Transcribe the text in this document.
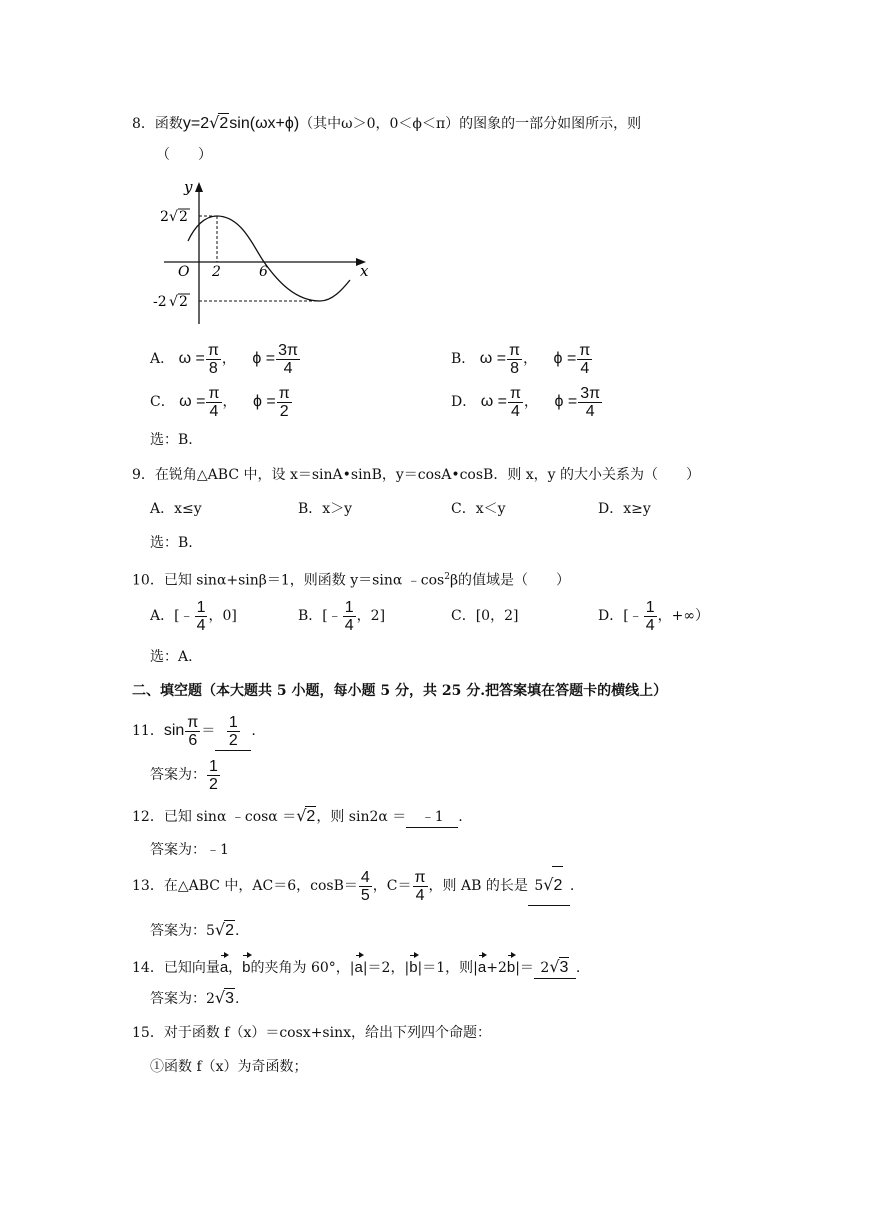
8．函数y=2√2sin(ωx+ϕ)（其中ω＞0，0＜ϕ＜π）的图象的一部分如图所示，则
（　　）
y
x
O 2	6
2 √ 2
-2 √ 2
A． $\omega = \frac{\pi}{8}$ ， $\phi = \frac{3\pi}{4}$	B． $\omega = \frac{\pi}{8}$ ， $\phi = \frac{\pi}{4}$
C． $\omega = \frac{\pi}{4}$ ， $\phi = \frac{\pi}{2}$	D． $\omega = \frac{\pi}{4}$ ， $\phi = \frac{3\pi}{4}$
选：B.
9．在锐角△ABC 中，设 x＝sinA•sinB，y＝cosA•cosB．则 x，y 的大小关系为（　　）
A．x≤y	B．x＞y	C．x＜y	D．x≥y
选：B.
10．已知 sinα+sinβ＝1，则函数 y＝sinα $﹣\cos^2\beta$的值域是（　　）
A．[﹣ $\frac{1}{4}$ ，0]	B．[﹣ $\frac{1}{4}$ ，2]	C．[0，2]	D．[﹣ $\frac{1}{4}$ ，+∞）
选：A.
二、填空题（本大题共 5 小题，每小题 5 分，共 25 分.把答案填在答题卡的横线上）
11．$\sin \frac{\pi}{6} = \frac{1}{2}$ .
答案为： $\frac{1}{2}$
12．已知 sinα ﹣cosα ＝√2，则 sin2α ＝ ﹣1 .
答案为：﹣1
13．在△ABC 中，AC＝6，$\cos B= \frac{4}{5}$ ，$C= \frac{\pi}{4}$ ，则 AB 的长是 5√2 .
答案为：5√2.
14．已知向量a，b的夹角为 60°，|a|＝2，|b|＝1，则|a+2b|＝ 2√3 .
答案为：2√3.
15．对于函数 f（x）＝cosx+sinx，给出下列四个命题：
①函数 f（x）为奇函数；
